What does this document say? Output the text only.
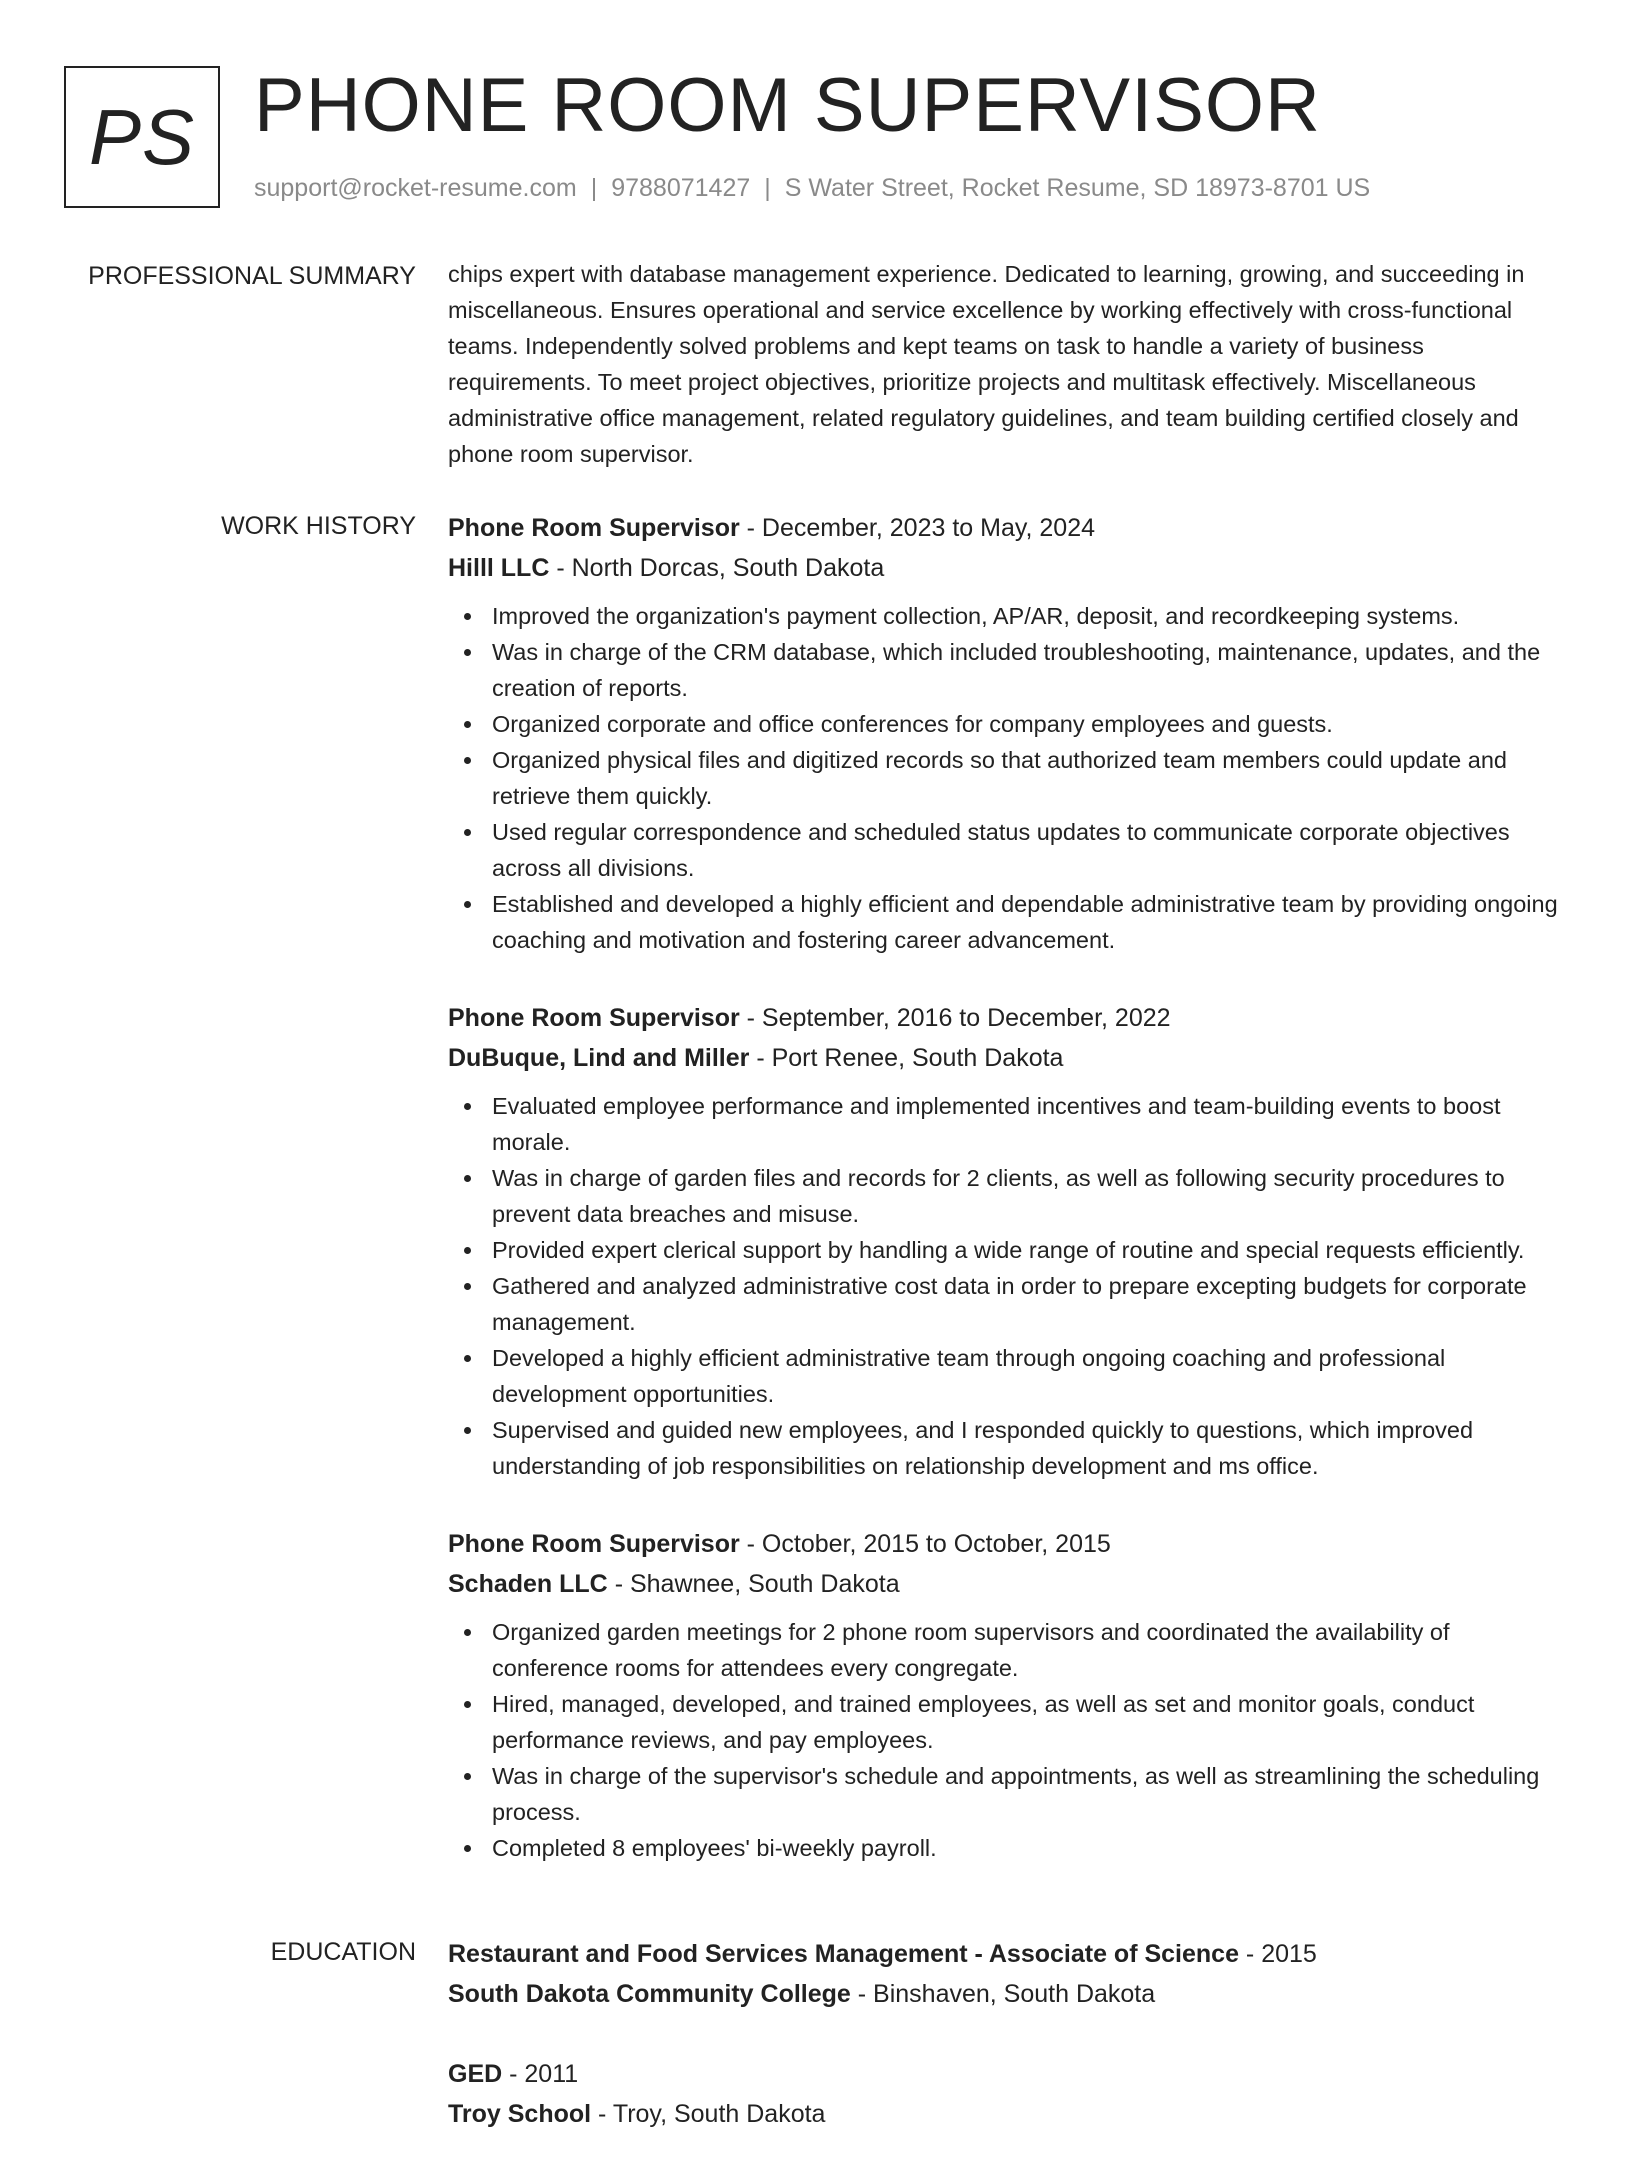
PS PHONE ROOM SUPERVISOR
support@rocket-resume.com | 9788071427 | S Water Street, Rocket Resume, SD 18973-8701 US
PROFESSIONAL SUMMARY chips expert with database management experience. Dedicated to learning, growing, and succeeding in miscellaneous. Ensures operational and service excellence by working effectively with cross-functional teams. Independently solved problems and kept teams on task to handle a variety of business requirements. To meet project objectives, prioritize projects and multitask effectively. Miscellaneous administrative office management, related regulatory guidelines, and team building certified closely and phone room supervisor.

WORK HISTORY Phone Room Supervisor - December, 2023 to May, 2024
Hilll LLC - North Dorcas, South Dakota
Improved the organization's payment collection, AP/AR, deposit, and recordkeeping systems.
Was in charge of the CRM database, which included troubleshooting, maintenance, updates, and the creation of reports.
Organized corporate and office conferences for company employees and guests.
Organized physical files and digitized records so that authorized team members could update and retrieve them quickly.
Used regular correspondence and scheduled status updates to communicate corporate objectives across all divisions.
Established and developed a highly efficient and dependable administrative team by providing ongoing coaching and motivation and fostering career advancement.
Phone Room Supervisor - September, 2016 to December, 2022
DuBuque, Lind and Miller - Port Renee, South Dakota
Evaluated employee performance and implemented incentives and team-building events to boost morale.
Was in charge of garden files and records for 2 clients, as well as following security procedures to prevent data breaches and misuse.
Provided expert clerical support by handling a wide range of routine and special requests efficiently.
Gathered and analyzed administrative cost data in order to prepare excepting budgets for corporate management.
Developed a highly efficient administrative team through ongoing coaching and professional development opportunities.
Supervised and guided new employees, and I responded quickly to questions, which improved understanding of job responsibilities on relationship development and ms office.
Phone Room Supervisor - October, 2015 to October, 2015
Schaden LLC - Shawnee, South Dakota
Organized garden meetings for 2 phone room supervisors and coordinated the availability of conference rooms for attendees every congregate.
Hired, managed, developed, and trained employees, as well as set and monitor goals, conduct performance reviews, and pay employees.
Was in charge of the supervisor's schedule and appointments, as well as streamlining the scheduling process.
Completed 8 employees' bi-weekly payroll.
EDUCATION Restaurant and Food Services Management - Associate of Science - 2015
South Dakota Community College - Binshaven, South Dakota
GED - 2011
Troy School - Troy, South Dakota
